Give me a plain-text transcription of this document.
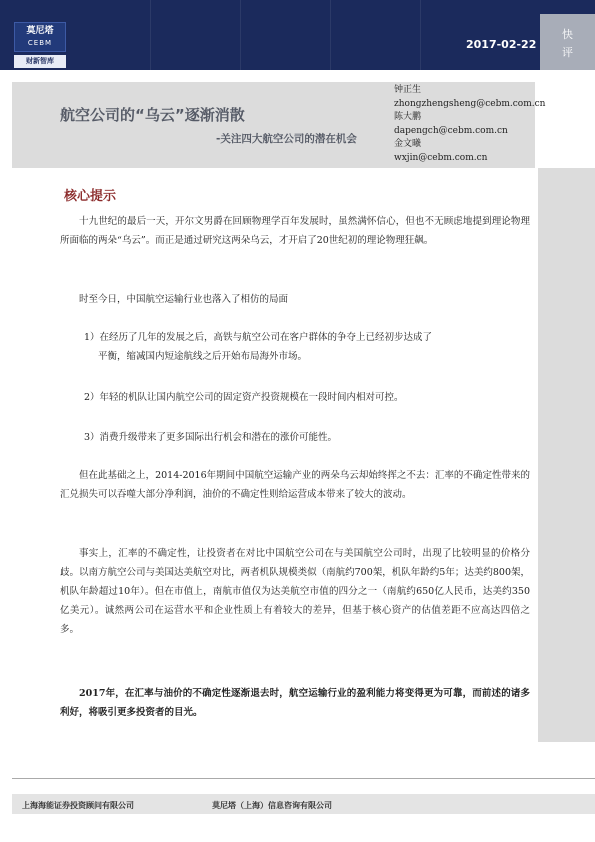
莫尼塔
CEBM
财新智库
2017-02-22
快
评
航空公司的“乌云”逐渐消散
-关注四大航空公司的潜在机会
钟正生
zhongzhengsheng@cebm.com.cn
陈大鹏
dapengch@cebm.com.cn
金文曦
wxjin@cebm.com.cn
核心提示
十九世纪的最后一天，开尔文男爵在回顾物理学百年发展时，虽然满怀信心，但也不无顾虑地提到理论物理所面临的两朵“乌云”。而正是通过研究这两朵乌云，才开启了20世纪初的理论物理狂飙。
时至今日，中国航空运输行业也落入了相仿的局面
1）在经历了几年的发展之后，高铁与航空公司在客户群体的争夺上已经初步达成了
平衡，缩减国内短途航线之后开始布局海外市场。
2）年轻的机队让国内航空公司的固定资产投资规模在一段时间内相对可控。
3）消费升级带来了更多国际出行机会和潜在的涨价可能性。
但在此基础之上，2014-2016年期间中国航空运输产业的两朵乌云却始终挥之不去：汇率的不确定性带来的汇兑损失可以吞噬大部分净利润，油价的不确定性则给运营成本带来了较大的波动。
事实上，汇率的不确定性，让投资者在对比中国航空公司在与美国航空公司时，出现了比较明显的价格分歧。以南方航空公司与美国达美航空对比，两者机队规模类似（南航约700架，机队年龄约5年；达美约800架，机队年龄超过10年）。但在市值上，南航市值仅为达美航空市值的四分之一（南航约650亿人民币，达美约350亿美元）。诚然两公司在运营水平和企业性质上有着较大的差异，但基于核心资产的估值差距不应高达四倍之多。
2017年，在汇率与油价的不确定性逐渐退去时，航空运输行业的盈利能力将变得更为可靠，而前述的诸多利好，将吸引更多投资者的目光。
上海海能证券投资顾问有限公司	莫尼塔（上海）信息咨询有限公司
